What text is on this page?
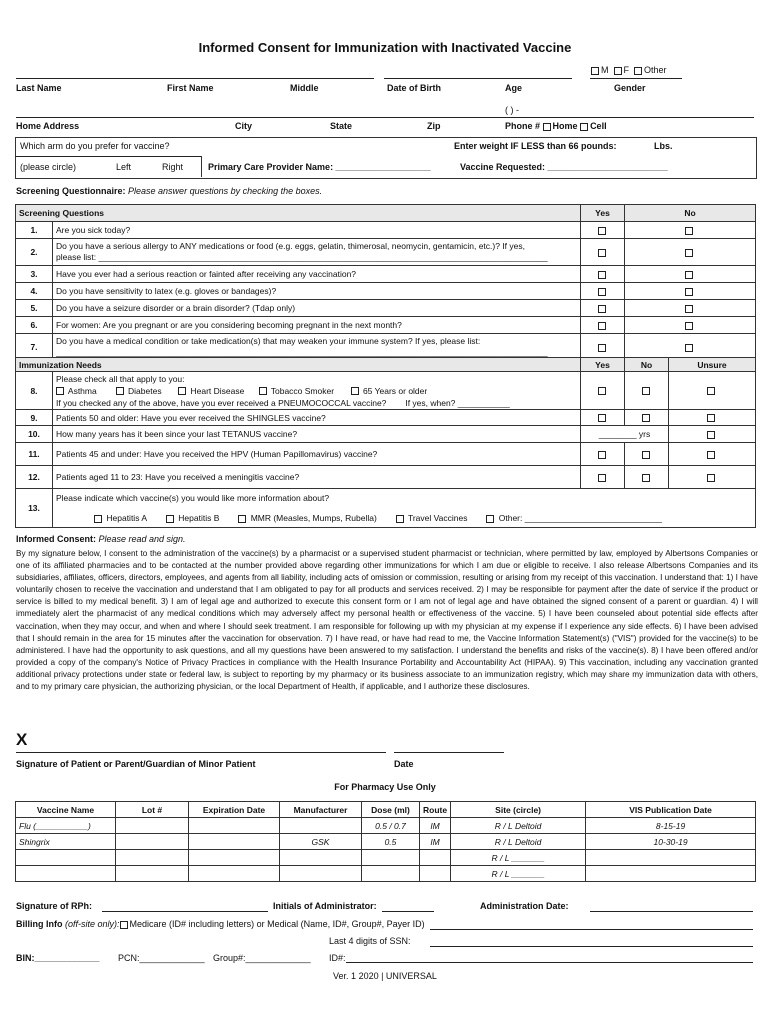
Informed Consent for Immunization with Inactivated Vaccine
M F Other
Last Name	First Name	Middle	Date of Birth	Age	Gender
( ) -
Home Address	City	State	Zip	Phone # Home Cell
Which arm do you prefer for vaccine?	Enter weight IF LESS than 66 pounds:	Lbs.
(please circle)	Left	Right	Primary Care Provider Name: ___________________	Vaccine Requested: ________________________
Screening Questionnaire: Please answer questions by checking the boxes.
Screening Questions		Yes	No
1.	Are you sick today?		
2.	Do you have a serious allergy to ANY medications or food (e.g. eggs, gelatin, thimerosal, neomycin, gentamicin, etc.)? If yes,
please list: _______________________________________________________________________________________________		

3.	Have you ever had a serious reaction or fainted after receiving any vaccination?		
4.	Do you have sensitivity to latex (e.g. gloves or bandages)?		
5.	Do you have a seizure disorder or a brain disorder? (Tdap only)		
6.	For women: Are you pregnant or are you considering becoming pregnant in the next month?		
7.	Do you have a medical condition or take medication(s) that may weaken your immune system? If yes, please list:
________________________________________________________________________________________________________		

Immunization Needs		Yes	No	Unsure
8.	Please check all that apply to you:
Asthma Diabetes Heart Disease Tobacco Smoker 65 Years or older
If you checked any of the above, have you ever received a PNEUMOCOCCAL vaccine? If yes, when? ___________			

9.	Patients 50 and older: Have you ever received the SHINGLES vaccine?			
10.	How many years has it been since your last TETANUS vaccine?	________ yrs		
11.	Patients 45 and under: Have you received the HPV (Human Papillomavirus) vaccine?			
12.	Patients aged 11 to 23: Have you received a meningitis vaccine?			
13.	Please indicate which vaccine(s) you would like more information about?
Hepatitis A Hepatitis B MMR (Measles, Mumps, Rubella) Travel Vaccines Other: _____________________________			
Informed Consent: Please read and sign.
By my signature below, I consent to the administration of the vaccine(s) by a pharmacist or a supervised student pharmacist or technician, where permitted by law, employed by Albertsons Companies or one of its affiliated pharmacies and to be contacted at the number provided above regarding other immunizations for which I am due or eligible to receive. I also release Albertsons Companies and its subsidiaries, affiliates, officers, directors, employees, and agents from all liability, including acts of omission or commission, resulting or arising from my receipt of this vaccination. I understand that: 1) I have voluntarily chosen to receive the vaccination and understand that I am obligated to pay for all products and services received. 2) I may be responsible for payment after the date of service if the product or service is billed to my medical benefit. 3) I am of legal age and authorized to execute this consent form or I am not of legal age and have obtained the signed consent of a parent or guardian. 4) I will immediately alert the pharmacist of any medical conditions which may adversely affect my personal health or effectiveness of the vaccine. 5) I have been counseled about potential side effects after vaccination, when they may occur, and when and where I should seek treatment. I am responsible for following up with my physician at my expense if I experience any side effects. 6) I have been advised that I should remain in the area for 15 minutes after the vaccination for observation. 7) I have read, or have had read to me, the Vaccine Information Statement(s) ("VIS") provided for the vaccine(s) to be administered. I have had the opportunity to ask questions, and all my questions have been answered to my satisfaction. I understand the benefits and risks of the vaccine(s). 8) I have been offered and/or provided a copy of the company's Notice of Privacy Practices in compliance with the Health Insurance Portability and Accountability Act (HIPAA). 9) This vaccination, including any vaccination granted additional privacy protections under state or federal law, is subject to reporting by my pharmacy or its business associate to an immunization registry, which may share my immunization data with others, and to my primary care physician, the authorizing physician, or the local Department of Health, if applicable, and I authorize these disclosures.
X
Signature of Patient or Parent/Guardian of Minor Patient	Date
For Pharmacy Use Only
Vaccine Name	Lot #	Expiration Date	Manufacturer	Dose (ml)	Route	Site (circle)	VIS Publication Date
Flu (___________)				0.5 / 0.7	IM	R / L Deltoid	8-15-19
Shingrix			GSK	0.5	IM	R / L Deltoid	10-30-19
						R / L _______	
						R / L _______	
Signature of RPh:	Initials of Administrator:	Administration Date:
Billing Info (off-site only): Medicare (ID# including letters) or Medical (Name, ID#, Group#, Payer ID)
Last 4 digits of SSN:
BIN:_____________ PCN:_____________ Group#:_____________ ID#:
Ver. 1 2020 | UNIVERSAL
